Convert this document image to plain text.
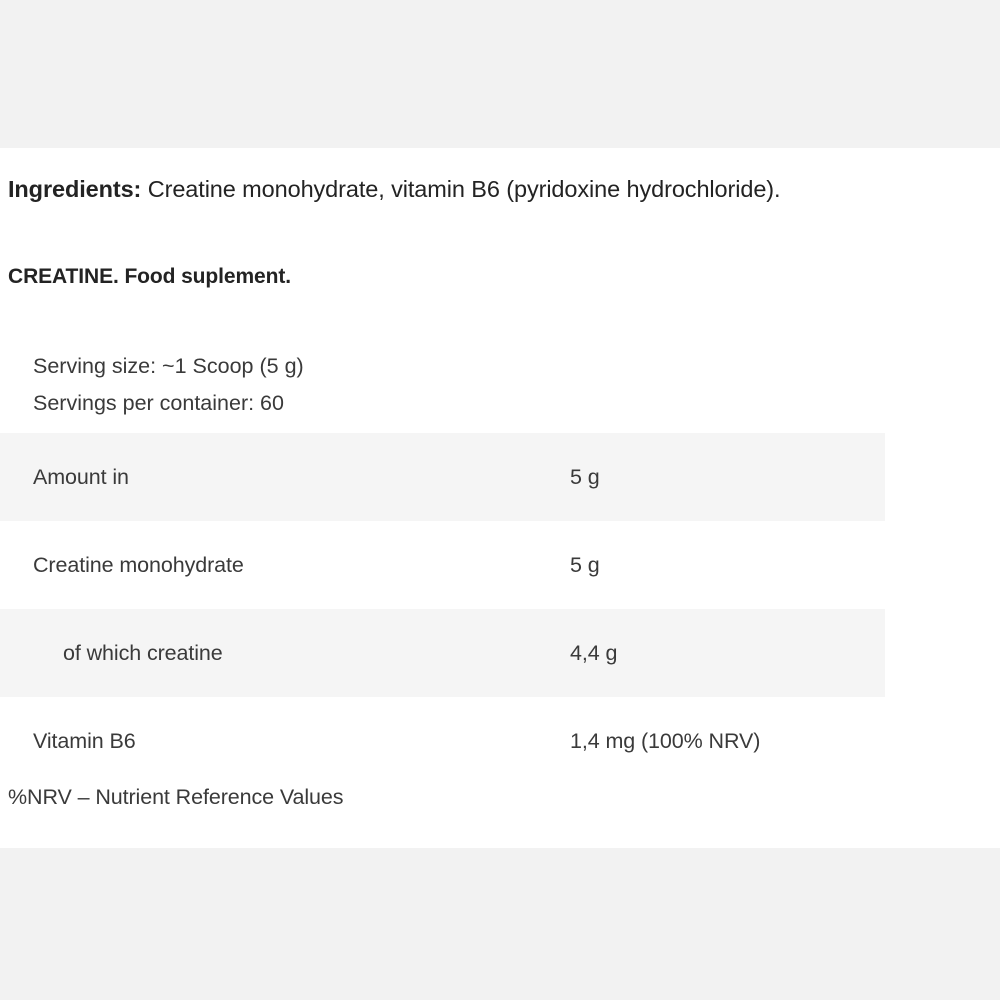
Ingredients: Creatine monohydrate, vitamin B6 (pyridoxine hydrochloride).
CREATINE. Food suplement.
Serving size: ~1 Scoop (5 g)
Servings per container: 60
Amount in	5 g
Creatine monohydrate	5 g
of which creatine	4,4 g
Vitamin B6	1,4 mg (100% NRV)
%NRV – Nutrient Reference Values
